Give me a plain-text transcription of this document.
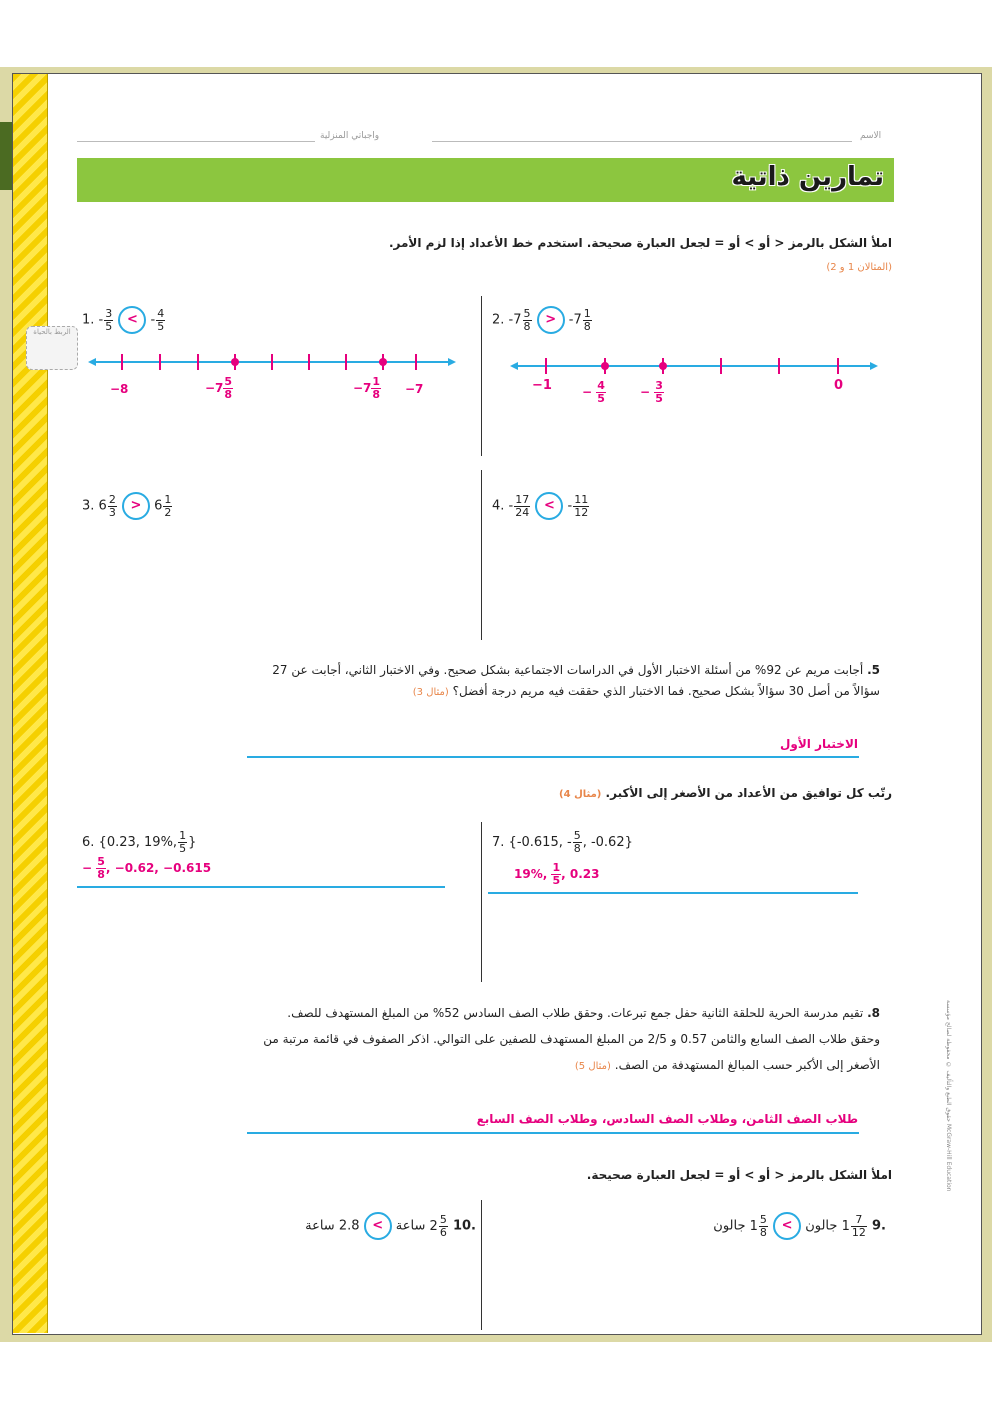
الاسم
واجباتي المنزلية
تمارين ذاتية
املأ الشكل بالرمز < أو > أو = لجعل العبارة صحيحة. استخدم خط الأعداد إذا لزم الأمر.
(المثالان 1 و 2)
الربط بالحياة
1. - $\frac{3}{5}$ < - $\frac{4}{5}$
−8	$-7 \frac{5}{8}$	$-7 \frac{1}{8} -7$
2. $-7 \frac{5}{8} > -7 \frac{1}{8}$
−1	− $\frac{4}{5}$	− $\frac{3}{5}$	0
3. $6 \frac{2}{3} > 6 \frac{1}{2}$	4. - $\frac{17}{24}$ < - $\frac{11}{12}$
5. أجابت مريم عن 92% من أسئلة الاختبار الأول في الدراسات الاجتماعية بشكل صحيح. وفي الاختبار الثاني، أجابت عن 27 سؤالاً من أصل 30 سؤالاً بشكل صحيح. فما الاختبار الذي حققت فيه مريم درجة أفضل؟ (مثال 3)
الاختبار الأول
رتّب كل توافيق من الأعداد من الأصغر إلى الأكبر. (مثال 4)
6. {0.23, 19%, $\frac{1}{5}$ }
− $\frac{5}{8}$ , −0.62, −0.615
7. {-0.615, - $\frac{5}{8}$ , -0.62}
19%, $\frac{1}{5}$ , 0.23
8. تقيم مدرسة الحرية للحلقة الثانية حفل جمع تبرعات. وحقق طلاب الصف السادس 52% من المبلغ المستهدف للصف. وحقق طلاب الصف السابع والثامن 0.57 و 2/5 من المبلغ المستهدف للصفين على التوالي. اذكر الصفوف في قائمة مرتبة من الأصغر إلى الأكبر حسب المبالغ المستهدفة من الصف. (مثال 5)
طلاب الصف الثامن، وطلاب الصف السادس، وطلاب الصف السابع
املأ الشكل بالرمز < أو > أو = لجعل العبارة صحيحة.
.9 $1 \frac{7}{12}$
جالون > $1 \frac{5}{8}$
جالون
.10 $2 \frac{5}{6}$
ساعة > 2.8 ساعة
حقوق الطبع والتأليف © محفوظة لصالح مؤسسة McGraw-Hill Education
